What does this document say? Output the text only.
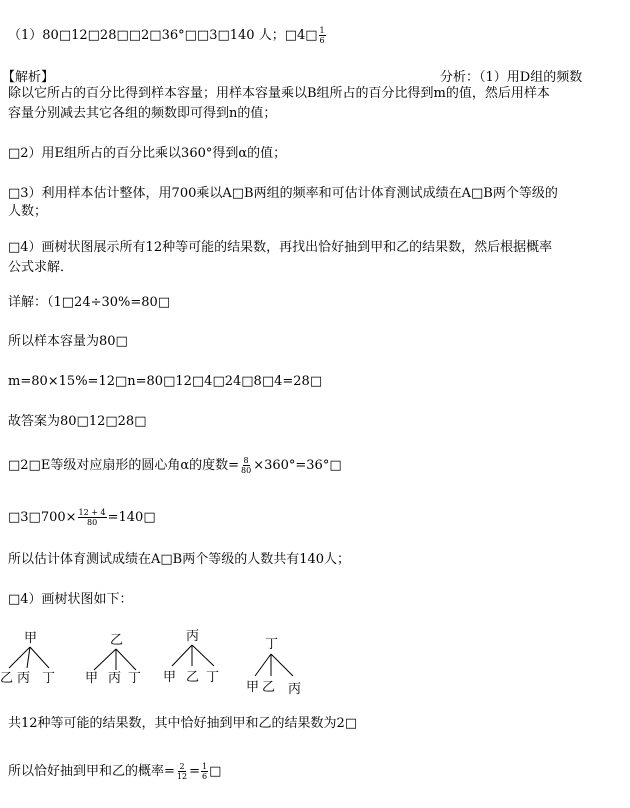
（1）80□12□28□□2□36°□□3□140 人；□4□ $\frac{1}{6}$
【解析】	分析：（1）用D组的频数
除以它所占的百分比得到样本容量；用样本容量乘以B组所占的百分比得到m的值，然后用样本
容量分别减去其它各组的频数即可得到n的值；
□2）用E组所占的百分比乘以360°得到α的值；
□3）利用样本估计整体，用700乘以A□B两组的频率和可估计体育测试成绩在A□B两个等级的
人数；
□4）画树状图展示所有12种等可能的结果数，再找出恰好抽到甲和乙的结果数，然后根据概率
公式求解．
详解：（1□24÷30%=80□
所以样本容量为80□
m=80×15%=12□n=80□12□4□24□8□4=28□
故答案为80□12□28□
□2□E等级对应扇形的圆心角α的度数= $\frac{8}{80}$ ×360°=36°□
□3□700× $\frac{12 + 4}{80}$ =140□
所以估计体育测试成绩在A□B两个等级的人数共有140人；
□4）画树状图如下：
甲
乙 丙 丁
乙
甲 丙 丁
丙
甲 乙 丁
丁
甲 乙 丙
共12种等可能的结果数，其中恰好抽到甲和乙的结果数为2□
所以恰好抽到甲和乙的概率= $\frac{2}{12} = \frac{1}{6}$ □
